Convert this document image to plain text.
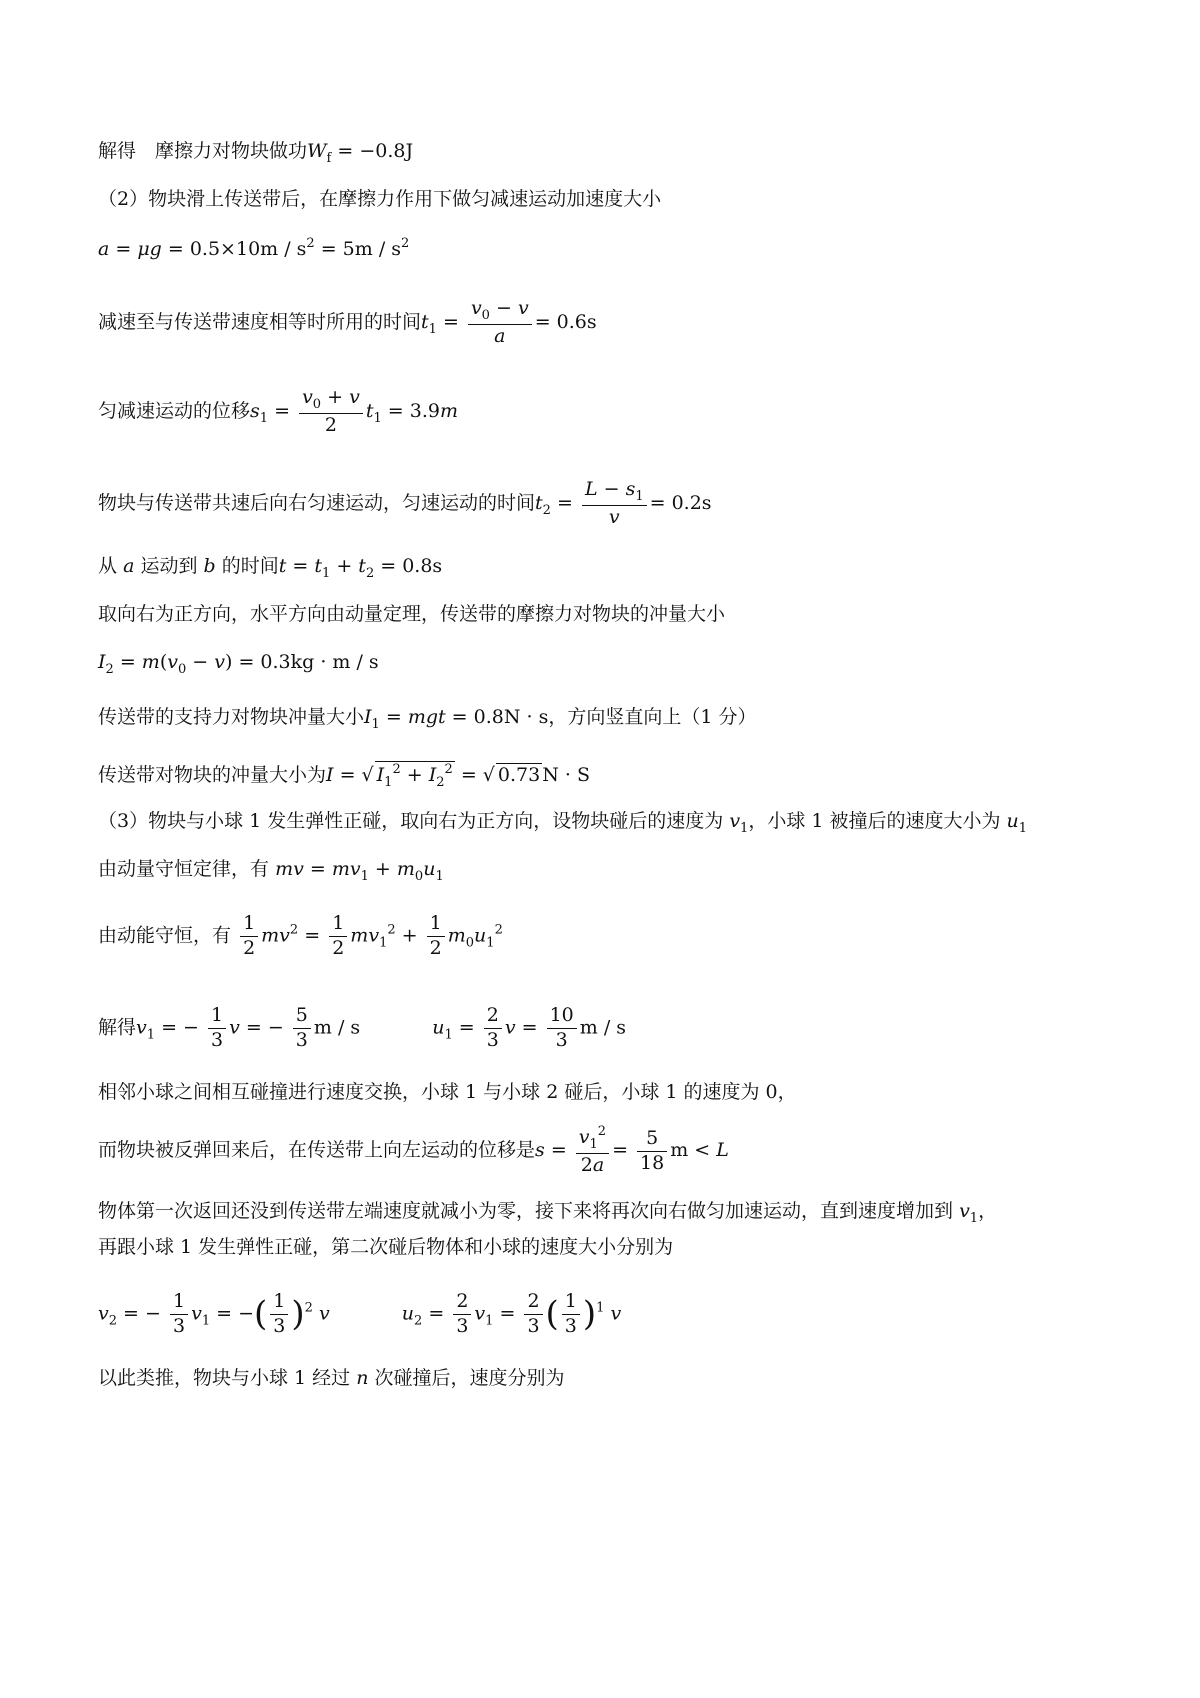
解得　摩擦力对物块做功$W_f = -0.8J$
（2）物块滑上传送带后，在摩擦力作用下做匀减速运动加速度大小
$a = \mu g = 0.5\times 10m / s^2 = 5m / s^2$
减速至与传送带速度相等时所用的时间$t_1 = \frac{v_0 - v}{a} = 0.6s$
匀减速运动的位移$s_1 = \frac{v_0 + v}{2} t_1 = 3.9m$
物块与传送带共速后向右匀速运动，匀速运动的时间$t_2 = \frac{L - s_1}{v} = 0.2s$
从 a 运动到 b 的时间$t = t_1 + t_2 = 0.8s$
取向右为正方向，水平方向由动量定理，传送带的摩擦力对物块的冲量大小
$I_2 = m(v_0 - v) = 0.3kg \cdot m / s$
传送带的支持力对物块冲量大小$I_1$ = mgt = 0.8N · s，方向竖直向上（1 分）
传送带对物块的冲量大小为I = √ $I_1^2 + I_2^2$ = √ 0.73 N · S
（3）物块与小球 1 发生弹性正碰，取向右为正方向，设物块碰后的速度为 $v_1$，小球 1 被撞后的速度大小为 $u_1$
由动量守恒定律，有 mv = $mv_1 + m_0u_1$
由动能守恒，有 $\frac{1}{2} mv^2 = \frac{1}{2} mv_1^2 + \frac{1}{2} m_0u_1^2$
解得$v_1$ = − $\frac{1}{3}$ v = − $\frac{5}{3}$ m / s	$u_1 = \frac{2}{3}$ $v = \frac{10}{3}$ m / s
相邻小球之间相互碰撞进行速度交换，小球 1 与小球 2 碰后，小球 1 的速度为 0，
而物块被反弹回来后，在传送带上向左运动的位移是$s = \frac{v_1^2}{2a} = \frac{5}{18}$ m < L
物体第一次返回还没到传送带左端速度就减小为零，接下来将再次向右做匀加速运动，直到速度增加到 $v_1$，
再跟小球 1 发生弹性正碰，第二次碰后物体和小球的速度大小分别为
$v_2$ = − $\frac{1}{3} v_1$ = −( $\frac{1}{3} )^2$ v	$u_2 = \frac{2}{3} v_1 = \frac{2}{3}$ ( $\frac{1}{3} )^1$ v
以此类推，物块与小球 1 经过 n 次碰撞后，速度分别为
